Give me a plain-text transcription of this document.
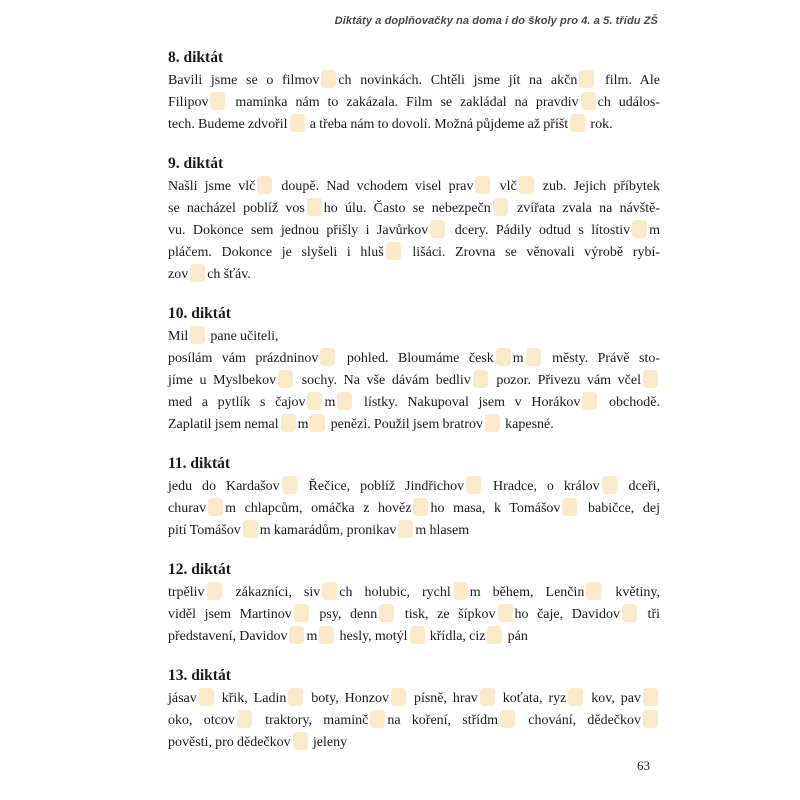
Diktáty a doplňovačky na doma i do školy pro 4. a 5. třídu ZŠ
8. diktát
Bavili jsme se o filmov ch novinkách. Chtěli jsme jít na akčn film. Ale
Filipov maminka nám to zakázala. Film se zakládal na pravdiv ch událos-
tech. Budeme zdvořil a třeba nám to dovolí. Možná půjdeme až příšt rok.
9. diktát
Našli jsme vlč doupě. Nad vchodem visel prav vlč zub. Jejich příbytek
se nacházel poblíž vos ho úlu. Často se nebezpečn zvířata zvala na návště-
vu. Dokonce sem jednou přišly i Javůrkov dcery. Pádily odtud s lítostiv m
pláčem. Dokonce je slyšeli i hluš lišáci. Zrovna se věnovali výrobě rybí-
zov ch šťáv.
10. diktát
Mil pane učiteli,
posílám vám prázdninov pohled. Bloumáme česk m městy. Právě sto-
jíme u Myslbekov sochy. Na vše dávám bedliv pozor. Přivezu vám včel
med a pytlík s čajov m lístky. Nakupoval jsem v Horákov obchodě.
Zaplatil jsem nemal m penězi. Použil jsem bratrov kapesné.
11. diktát
jedu do Kardašov Řečice, poblíž Jindřichov Hradce, o králov dceři,
churav m chlapcům, omáčka z hověz ho masa, k Tomášov babičce, dej
pití Tomášov m kamarádům, pronikav m hlasem
12. diktát
trpěliv zákazníci, siv ch holubic, rychl m během, Lenčin květiny,
viděl jsem Martinov psy, denn tisk, ze šípkov ho čaje, Davidov tři
představení, Davidov m hesly, motýl křídla, ciz pán
13. diktát
jásav křik, Ladin boty, Honzov písně, hrav koťata, ryz kov, pav
oko, otcov traktory, maminč na koření, střídm chování, dědečkov
pověsti, pro dědečkov jeleny
63
